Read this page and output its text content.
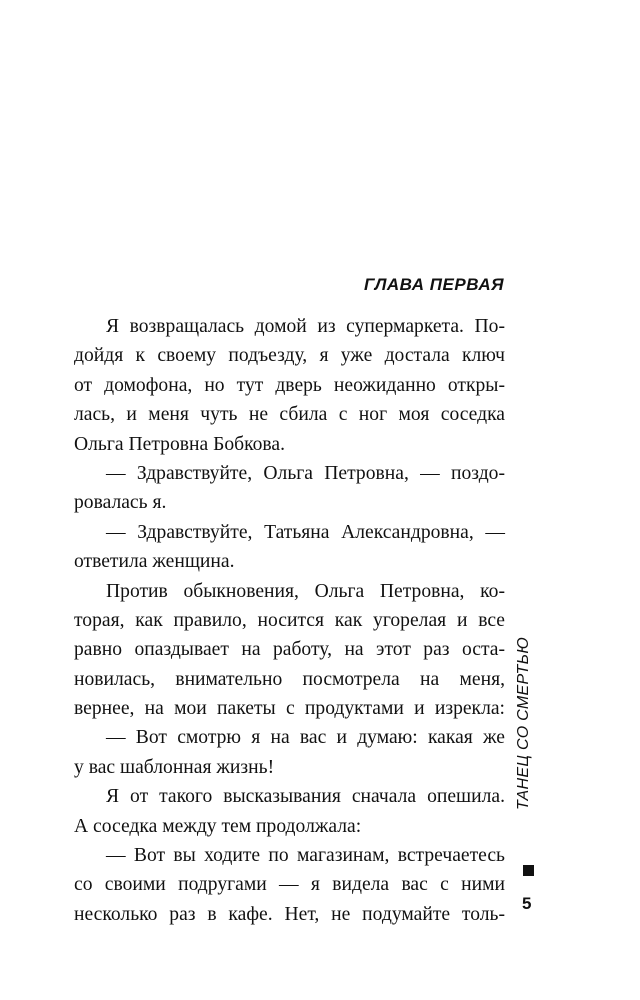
ГЛАВА ПЕРВАЯ
Я возвращалась домой из супермаркета. По-
дойдя к своему подъезду, я уже достала ключ
от домофона, но тут дверь неожиданно откры-
лась, и меня чуть не сбила с ног моя соседка
Ольга Петровна Бобкова.
— Здравствуйте, Ольга Петровна, — поздо-
ровалась я.
— Здравствуйте, Татьяна Александровна, —
ответила женщина.
Против обыкновения, Ольга Петровна, ко-
торая, как правило, носится как угорелая и все
равно опаздывает на работу, на этот раз оста-
новилась, внимательно посмотрела на меня,
вернее, на мои пакеты с продуктами и изрекла:
— Вот смотрю я на вас и думаю: какая же
у вас шаблонная жизнь!
Я от такого высказывания сначала опешила.
А соседка между тем продолжала:
— Вот вы ходите по магазинам, встречаетесь
со своими подругами — я видела вас с ними
несколько раз в кафе. Нет, не подумайте толь-
ТАНЕЦ СО СМЕРТЬЮ
5
